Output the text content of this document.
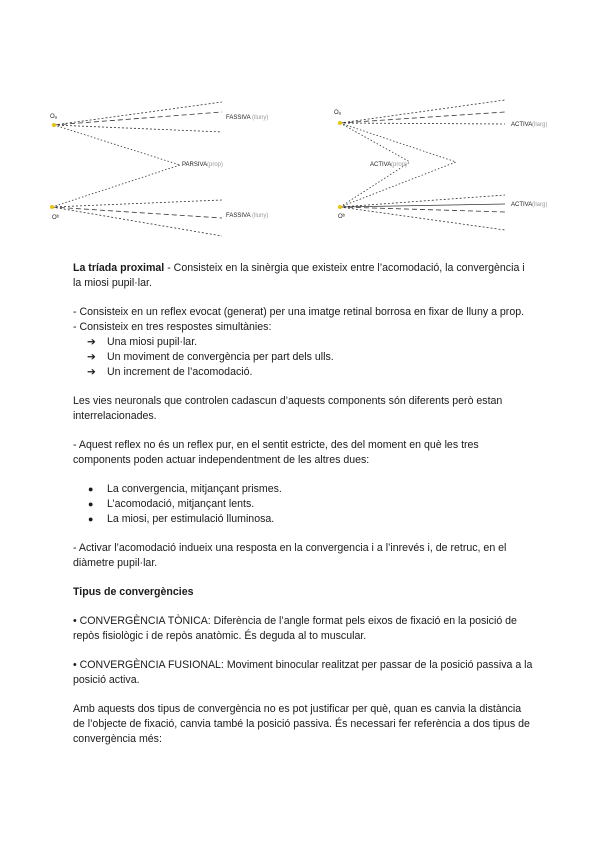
Oₐ
Oᵇ
FASSIVA (lluny)
PARSIVA (prop)
FASSIVA (lluny)
Oₐ
Oᵇ
ACTIVA (llarg)
ACTIVA (prop)
ACTIVA (llarg)

La tríada proximal - Consisteix en la sinèrgia que existeix entre l’acomodació, la convergència i la miosi pupil·lar.

- Consisteix en un reflex evocat (generat) per una imatge retinal borrosa en fixar de lluny a prop.

- Consisteix en tres respostes simultànies:

➔ Una miosi pupil·lar.
➔ Un moviment de convergència per part dels ulls.
➔ Un increment de l’acomodació.

Les vies neuronals que controlen cadascun d’aquests components són diferents però estan interrelacionades.

- Aquest reflex no és un reflex pur, en el sentit estricte, des del moment en què les tres components poden actuar independentment de les altres dues:

● La convergencia, mitjançant prismes.
● L’acomodació, mitjançant lents.
● La miosi, per estimulació lluminosa.

- Activar l’acomodació indueix una resposta en la convergencia i a l’inrevés i, de retruc, en el diàmetre pupil·lar.

Tipus de convergències

• CONVERGÈNCIA TÒNICA: Diferència de l’angle format pels eixos de fixació en la posició de repòs fisiològic i de repòs anatòmic. És deguda al to muscular.

• CONVERGÈNCIA FUSIONAL: Moviment binocular realitzat per passar de la posició passiva a la posició activa.

Amb aquests dos tipus de convergència no es pot justificar per què, quan es canvia la distància de l’objecte de fixació, canvia també la posició passiva. És necessari fer referència a dos tipus de convergència més:
